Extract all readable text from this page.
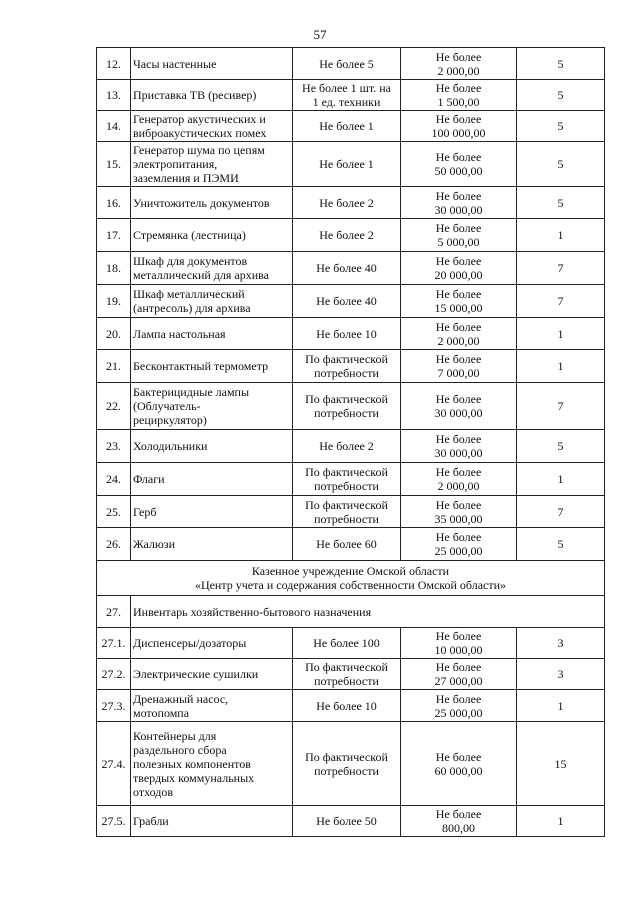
57
12.	Часы настенные	Не более 5	Не более
2 000,00	5
13.	Приставка ТВ (ресивер)	Не более 1 шт. на
1 ед. техники	Не более
1 500,00	5
14.	Генератор акустических и
виброакустических помех	Не более 1	Не более
100 000,00	5
15.	Генератор шума по цепям
электропитания,
заземления и ПЭМИ	Не более 1	Не более
50 000,00	5
16.	Уничтожитель документов	Не более 2	Не более
30 000,00	5
17.	Стремянка (лестница)	Не более 2	Не более
5 000,00	1
18.	Шкаф для документов
металлический для архива	Не более 40	Не более
20 000,00	7
19.	Шкаф металлический
(антресоль) для архива	Не более 40	Не более
15 000,00	7
20.	Лампа настольная	Не более 10	Не более
2 000,00	1
21.	Бесконтактный термометр	По фактической
потребности	Не более
7 000,00	1
22.	Бактерицидные лампы
(Облучатель-
рециркулятор)	По фактической
потребности	Не более
30 000,00	7
23.	Холодильники	Не более 2	Не более
30 000,00	5
24.	Флаги	По фактической
потребности	Не более
2 000,00	1
25.	Герб	По фактической
потребности	Не более
35 000,00	7
26.	Жалюзи	Не более 60	Не более
25 000,00	5
Казенное учреждение Омской области
«Центр учета и содержания собственности Омской области»				
27.	Инвентарь хозяйственно-бытового назначения			
27.1.	Диспенсеры/дозаторы	Не более 100	Не более
10 000,00	3
27.2.	Электрические сушилки	По фактической
потребности	Не более
27 000,00	3
27.3.	Дренажный насос,
мотопомпа	Не более 10	Не более
25 000,00	1
27.4.	Контейнеры для
раздельного сбора
полезных компонентов
твердых коммунальных
отходов	По фактической
потребности	Не более
60 000,00	15
27.5.	Грабли	Не более 50	Не более
800,00	1
